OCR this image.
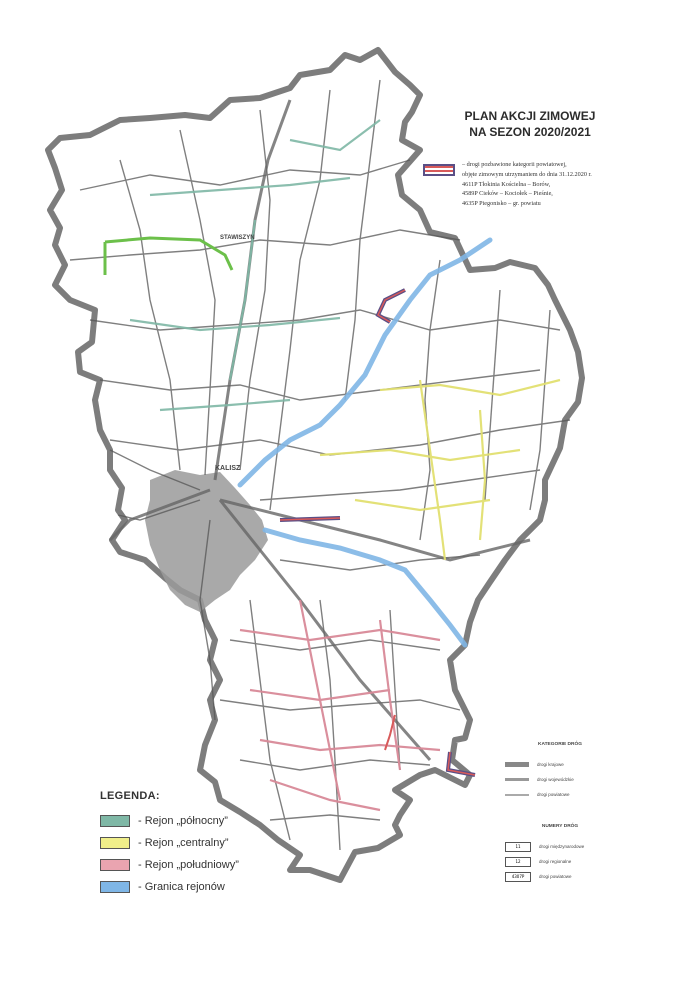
PLAN AKCJI ZIMOWEJ
NA SEZON 2020/2021
– drogi pozbawione kategorii powiatowej,
objęte zimowym utrzymaniem do dnia 31.12.2020 r.
4611P Tłokinia Kościelna – Borów,
4589P Cieków – Kociołek – Pieśnie,
4635P Piegonisko – gr. powiatu
STAWISZYN
KALISZ
LEGENDA:
- Rejon „północny”
- Rejon „centralny”
- Rejon „południowy”
- Granica rejonów
KATEGORIE DRÓG
drogi krajowe
drogi wojewódzkie
drogi powiatowe
NUMERY DRÓG
11	drogi międzynarodowe
12	drogi regionalne
4307P	drogi powiatowe
